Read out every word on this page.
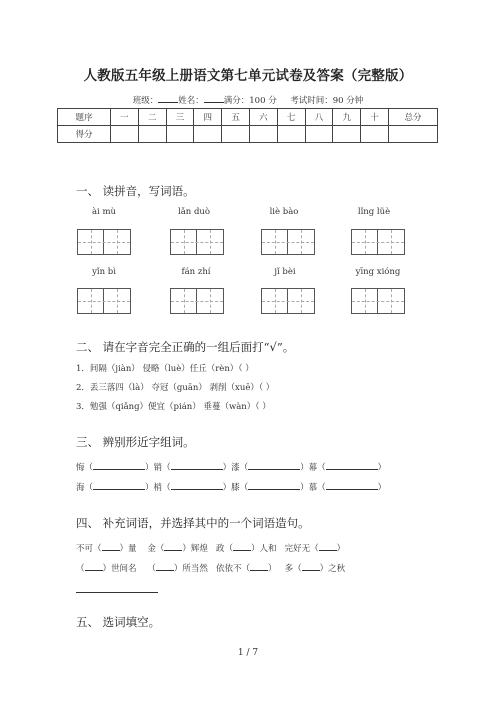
人教版五年级上册语文第七单元试卷及答案（完整版）
班级： 姓名： 满分：100 分 考试时间：90 分钟
题序	一	二	三	四	五	六	七	八	九	十	总分
得分											
一、 读拼音，写词语。
ài mù	lǎn duò	liè bào	lǐng lüè
yǐn bì	fán zhí	jǐ bèi	yīng xióng
二、 请在字音完全正确的一组后面打“√”。
1．间隔（jiàn） 侵略（luè）任丘（rèn）（ ）
2．丢三落四（là） 夺冠（guān） 剥削（xuē）（ ）
3．勉强（qiǎng）便宜（pián） 垂蔓（wàn）（ ）
三、 辨别形近字组词。
悔（	）销（	）漆（	）幕（	）
海（	）梢（	）膝（	）慕（	）
四、 补充词语，并选择其中的一个词语造句。
不可（ ）量 金（ ）辉煌 政（ ）人和 完好无（ ）
（ ）世间名 （ ）所当然 依依不（ ） 多（ ）之秋
五、 选词填空。
1 / 7
